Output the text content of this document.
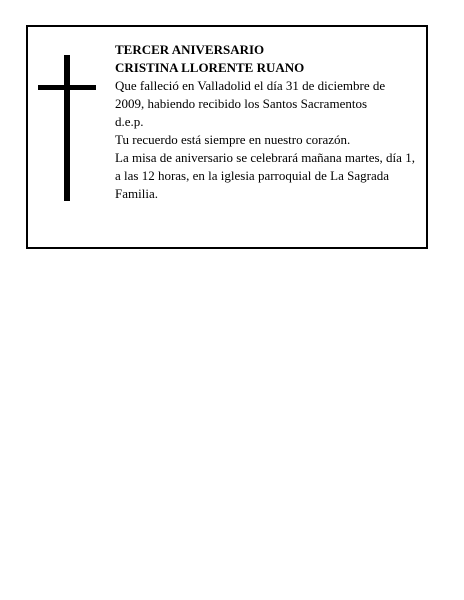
TERCER ANIVERSARIO

CRISTINA LLORENTE RUANO

Que falleció en Valladolid el día 31 de diciembre de 2009, habiendo recibido los Santos Sacramentos

d.e.p.

Tu recuerdo está siempre en nuestro corazón.

La misa de aniversario se celebrará mañana martes, día 1, a las 12 horas, en la iglesia parroquial de La Sagrada Familia.
